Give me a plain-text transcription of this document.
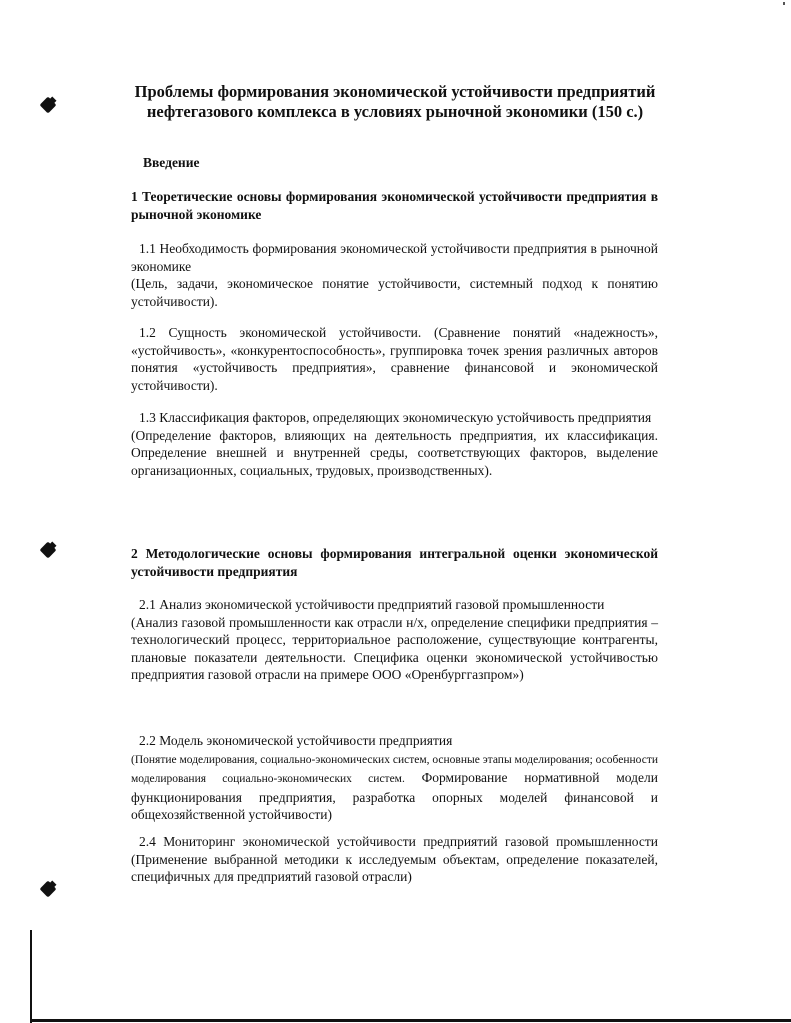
Проблемы формирования экономической устойчивости предприятий нефтегазового комплекса в условиях рыночной экономики (150 с.)
Введение
1 Теоретические основы формирования экономической устойчивости предприятия в рыночной экономике
1.1 Необходимость формирования экономической устойчивости предприятия в рыночной экономике
(Цель, задачи, экономическое понятие устойчивости, системный подход к понятию устойчивости).
1.2 Сущность экономической устойчивости. (Сравнение понятий «надежность», «устойчивость», «конкурентоспособность», группировка точек зрения различных авторов понятия «устойчивость предприятия», сравнение финансовой и экономической устойчивости).
1.3 Классификация факторов, определяющих экономическую устойчивость предприятия
(Определение факторов, влияющих на деятельность предприятия, их классификация. Определение внешней и внутренней среды, соответствующих факторов, выделение организационных, социальных, трудовых, производственных).
2 Методологические основы формирования интегральной оценки экономической устойчивости предприятия
2.1 Анализ экономической устойчивости предприятий газовой промышленности
(Анализ газовой промышленности как отрасли н/х, определение специфики предприятия – технологический процесс, территориальное расположение, существующие контрагенты, плановые показатели деятельности. Специфика оценки экономической устойчивостью предприятия газовой отрасли на примере ООО «Оренбурггазпром»)
2.2 Модель экономической устойчивости предприятия
(Понятие моделирования, социально-экономических систем, основные этапы моделирования; особенности моделирования социально-экономических систем. Формирование нормативной модели функционирования предприятия, разработка опорных моделей финансовой и общехозяйственной устойчивости)
2.4 Мониторинг экономической устойчивости предприятий газовой промышленности (Применение выбранной методики к исследуемым объектам, определение показателей, специфичных для предприятий газовой отрасли)
